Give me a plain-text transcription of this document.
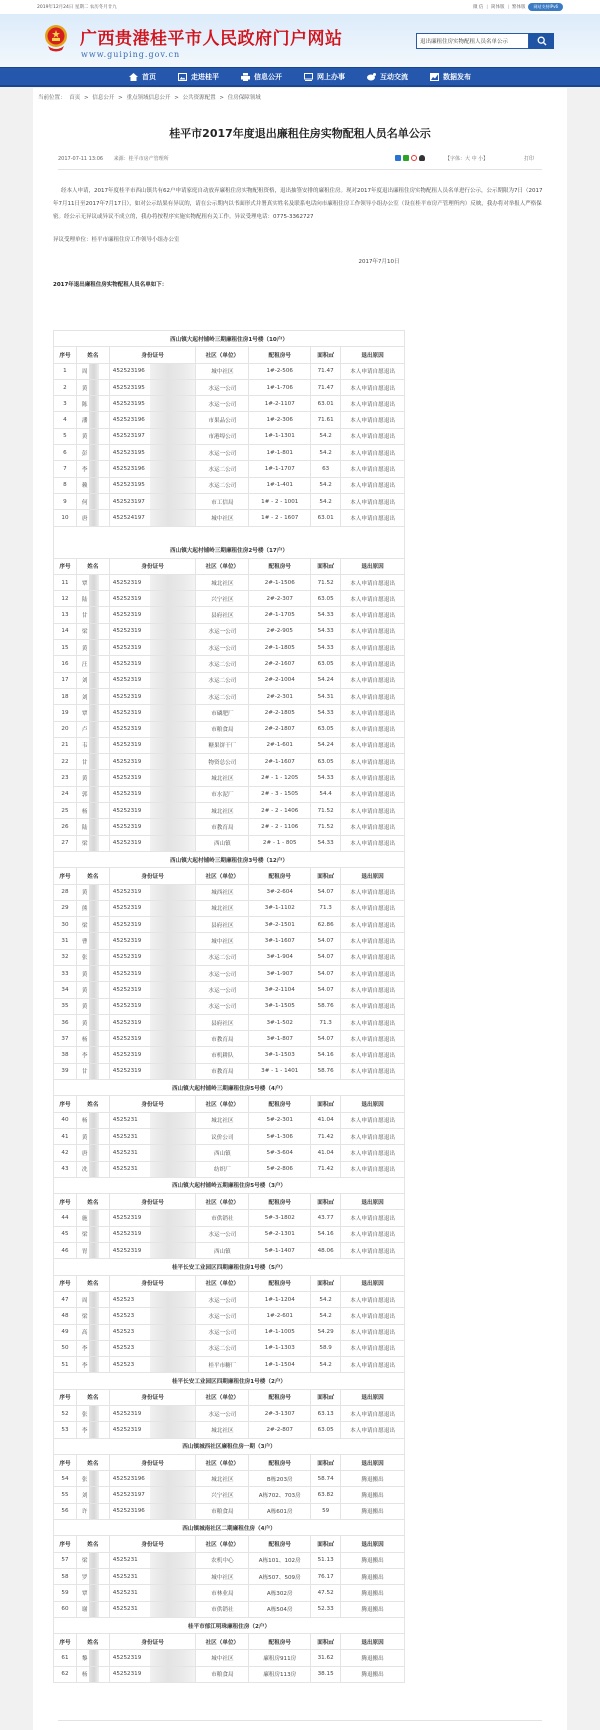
2019年12月24日 星期二 农历冬月廿九	微 信 | 简体版 | 繁体版	网站支持IPv6
广西贵港桂平市人民政府门户网站
www.guiping.gov.cn
退出廉租住房实物配租人员名单公示
首页	走进桂平	信息公开	网上办事	互动交流	数据发布
当前位置： 首页 > 信息公开 > 重点领域信息公开 > 公共资源配置 > 住房保障领域
桂平市2017年度退出廉租住房实物配租人员名单公示
2017-07-11 13:06 来源：桂平市房产管理所	【字体：大 中 小】	打印

经本人申请，2017年度桂平市西山镇共有62户申请家庭自动放弃廉租住房实物配租资格，退出抽签安排的廉租住房。现对2017年度退出廉租住房实物配租人员名单进行公示，公示期限为7日（2017年7月11日至2017年7月17日），如对公示结果有异议的，请在公示期内以书面形式并署真实姓名及联系电话向市廉租住房工作领导小组办公室（设在桂平市房产管理所内）反映，我办将对举报人严格保密。经公示无异议或异议不成立的，我办将按程序实施实物配租有关工作。异议受理电话：0775-3362727

异议受理单位：桂平市廉租住房工作领导小组办公室

2017年7月10日

2017年退出廉租住房实物配租人员名单如下：

西山镇大起村铺岭三期廉租住房1号楼（10户）						
序号	姓名	身份证号	社区（单位）	配租房号	面积㎡	退出原因
1	周	452523196	城中社区	1#-2-506	71.47	本人申请自愿退出
2	黄	452523195	水运一公司	1#-1-706	71.47	本人申请自愿退出
3	陈	452523195	水运一公司	1#-2-1107	63.01	本人申请自愿退出
4	潘	452523196	市果品公司	1#-2-306	71.61	本人申请自愿退出
5	黄	452523197	市港埠公司	1#-1-1301	54.2	本人申请自愿退出
6	彭	452523195	水运一公司	1#-1-801	54.2	本人申请自愿退出
7	李	452523196	水运二公司	1#-1-1707	63	本人申请自愿退出
8	赖	452523195	水运二公司	1#-1-401	54.2	本人申请自愿退出
9	何	452523197	市工信局	1# - 2 - 1001	54.2	本人申请自愿退出
10	唐	452524197	城中社区	1# - 2 - 1607	63.01	本人申请自愿退出
西山镇大起村铺岭三期廉租住房2号楼（17户）						
序号	姓名	身份证号	社区（单位）	配租房号	面积㎡	退出原因
11	覃	45252319	城北社区	2#-1-1506	71.52	本人申请自愿退出
12	陆	45252319	兴宁社区	2#-2-307	63.05	本人申请自愿退出
13	甘	45252319	县府社区	2#-1-1705	54.33	本人申请自愿退出
14	梁	45252319	水运一公司	2#-2-905	54.33	本人申请自愿退出
15	黄	45252319	水运一公司	2#-1-1805	54.33	本人申请自愿退出
16	汪	45252319	水运二公司	2#-2-1607	63.05	本人申请自愿退出
17	刘	45252319	水运二公司	2#-2-1004	54.24	本人申请自愿退出
18	刘	45252319	水运二公司	2#-2-301	54.31	本人申请自愿退出
19	覃	45252319	市磷肥厂	2#-2-1805	54.33	本人申请自愿退出
20	卢	45252319	市粮食局	2#-2-1807	63.05	本人申请自愿退出
21	韦	45252319	糖果饼干厂	2#-1-601	54.24	本人申请自愿退出
22	甘	45252319	物资总公司	2#-1-1607	63.05	本人申请自愿退出
23	黄	45252319	城北社区	2# - 1 - 1205	54.33	本人申请自愿退出
24	郭	45252319	市水泥厂	2# - 3 - 1505	54.4	本人申请自愿退出
25	杨	45252319	城北社区	2# - 2 - 1406	71.52	本人申请自愿退出
26	陆	45252319	市教育局	2# - 2 - 1106	71.52	本人申请自愿退出
27	梁	45252319	西山镇	2# - 1 - 805	54.33	本人申请自愿退出
西山镇大起村铺岭三期廉租住房3号楼（12户）						
序号	姓名	身份证号	社区（单位）	配租房号	面积㎡	退出原因
28	黄	45252319	城西社区	3#-2-604	54.07	本人申请自愿退出
29	熊	45252319	城北社区	3#-1-1102	71.3	本人申请自愿退出
30	梁	45252319	县府社区	3#-2-1501	62.86	本人申请自愿退出
31	曹	45252319	城中社区	3#-1-1607	54.07	本人申请自愿退出
32	张	45252319	水运二公司	3#-1-904	54.07	本人申请自愿退出
33	黄	45252319	水运一公司	3#-1-907	54.07	本人申请自愿退出
34	黄	45252319	水运一公司	3#-2-1104	54.07	本人申请自愿退出
35	黄	45252319	水运一公司	3#-1-1505	58.76	本人申请自愿退出
36	黄	45252319	县府社区	3#-1-502	71.3	本人申请自愿退出
37	杨	45252319	市教育局	3#-1-807	54.07	本人申请自愿退出
38	李	45252319	市机耕队	3#-1-1503	54.16	本人申请自愿退出
39	甘	45252319	市教育局	3# - 1 - 1401	58.76	本人申请自愿退出
西山镇大起村铺岭三期廉租住房5号楼（4户）						
序号	姓名	身份证号	社区（单位）	配租房号	面积㎡	退出原因
40	杨	4525231	城北社区	5#-2-301	41.04	本人申请自愿退出
41	黄	4525231	议价公司	5#-1-306	71.42	本人申请自愿退出
42	唐	4525231	西山镇	5#-3-604	41.04	本人申请自愿退出
43	冼	4525231	纺织厂	5#-2-806	71.42	本人申请自愿退出
西山镇大起村铺岭五期廉租住房5号楼（3户）						
序号	姓名	身份证号	社区（单位）	配租房号	面积㎡	退出原因
44	施	45252319	市供销社	5#-3-1802	43.77	本人申请自愿退出
45	梁	45252319	水运一公司	5#-2-1301	54.16	本人申请自愿退出
46	胃	45252319	西山镇	5#-1-1407	48.06	本人申请自愿退出
桂平长安工业园区四期廉租住房1号楼（5户）						
序号	姓名	身份证号	社区（单位）	配租房号	面积㎡	退出原因
47	周	452523	水运一公司	1#-1-1204	54.2	本人申请自愿退出
48	梁	452523	水运一公司	1#-2-601	54.2	本人申请自愿退出
49	高	452523	水运一公司	1#-1-1005	54.29	本人申请自愿退出
50	李	452523	水运二公司	1#-1-1303	58.9	本人申请自愿退出
51	李	452523	桂平市糖厂	1#-1-1504	54.2	本人申请自愿退出
桂平长安工业园区四期廉租住房1号楼（2户）						
序号	姓名	身份证号	社区（单位）	配租房号	面积㎡	退出原因
52	张	45252319	水运一公司	2#-3-1307	63.13	本人申请自愿退出
53	李	45252319	城北社区	2#-2-807	63.05	本人申请自愿退出
西山镇城西社区廉租住房一期（3户）						
序号	姓名	身份证号	社区（单位）	配租房号	面积㎡	退出原因
54	张	452523196	城北社区	B栋203房	58.74	腾退搬出
55	刘	452523197	兴宁社区	A栋702、703房	63.82	腾退搬出
56	许	452523196	市粮食局	A栋601房	59	腾退搬出
西山镇城南社区二期廉租住房（4户）						
序号	姓名	身份证号	社区（单位）	配租房号	面积㎡	退出原因
57	梁	4525231	农机中心	A栋101、102房	51.13	腾退搬出
58	罗	4525231	城中社区	A栋507、509房	76.17	腾退搬出
59	覃	4525231	市林业局	A栋302房	47.52	腾退搬出
60	谢	4525231	市供销社	A栋504房	52.33	腾退搬出
桂平市郁江明珠廉租住房（2户）						
序号	姓名	身份证号	社区（单位）	配租房号	面积㎡	退出原因
61	黎	45252319	城中社区	廉租房911房	31.62	腾退搬出
62	杨	45252319	市粮食局	廉租房113房	38.15	腾退搬出
